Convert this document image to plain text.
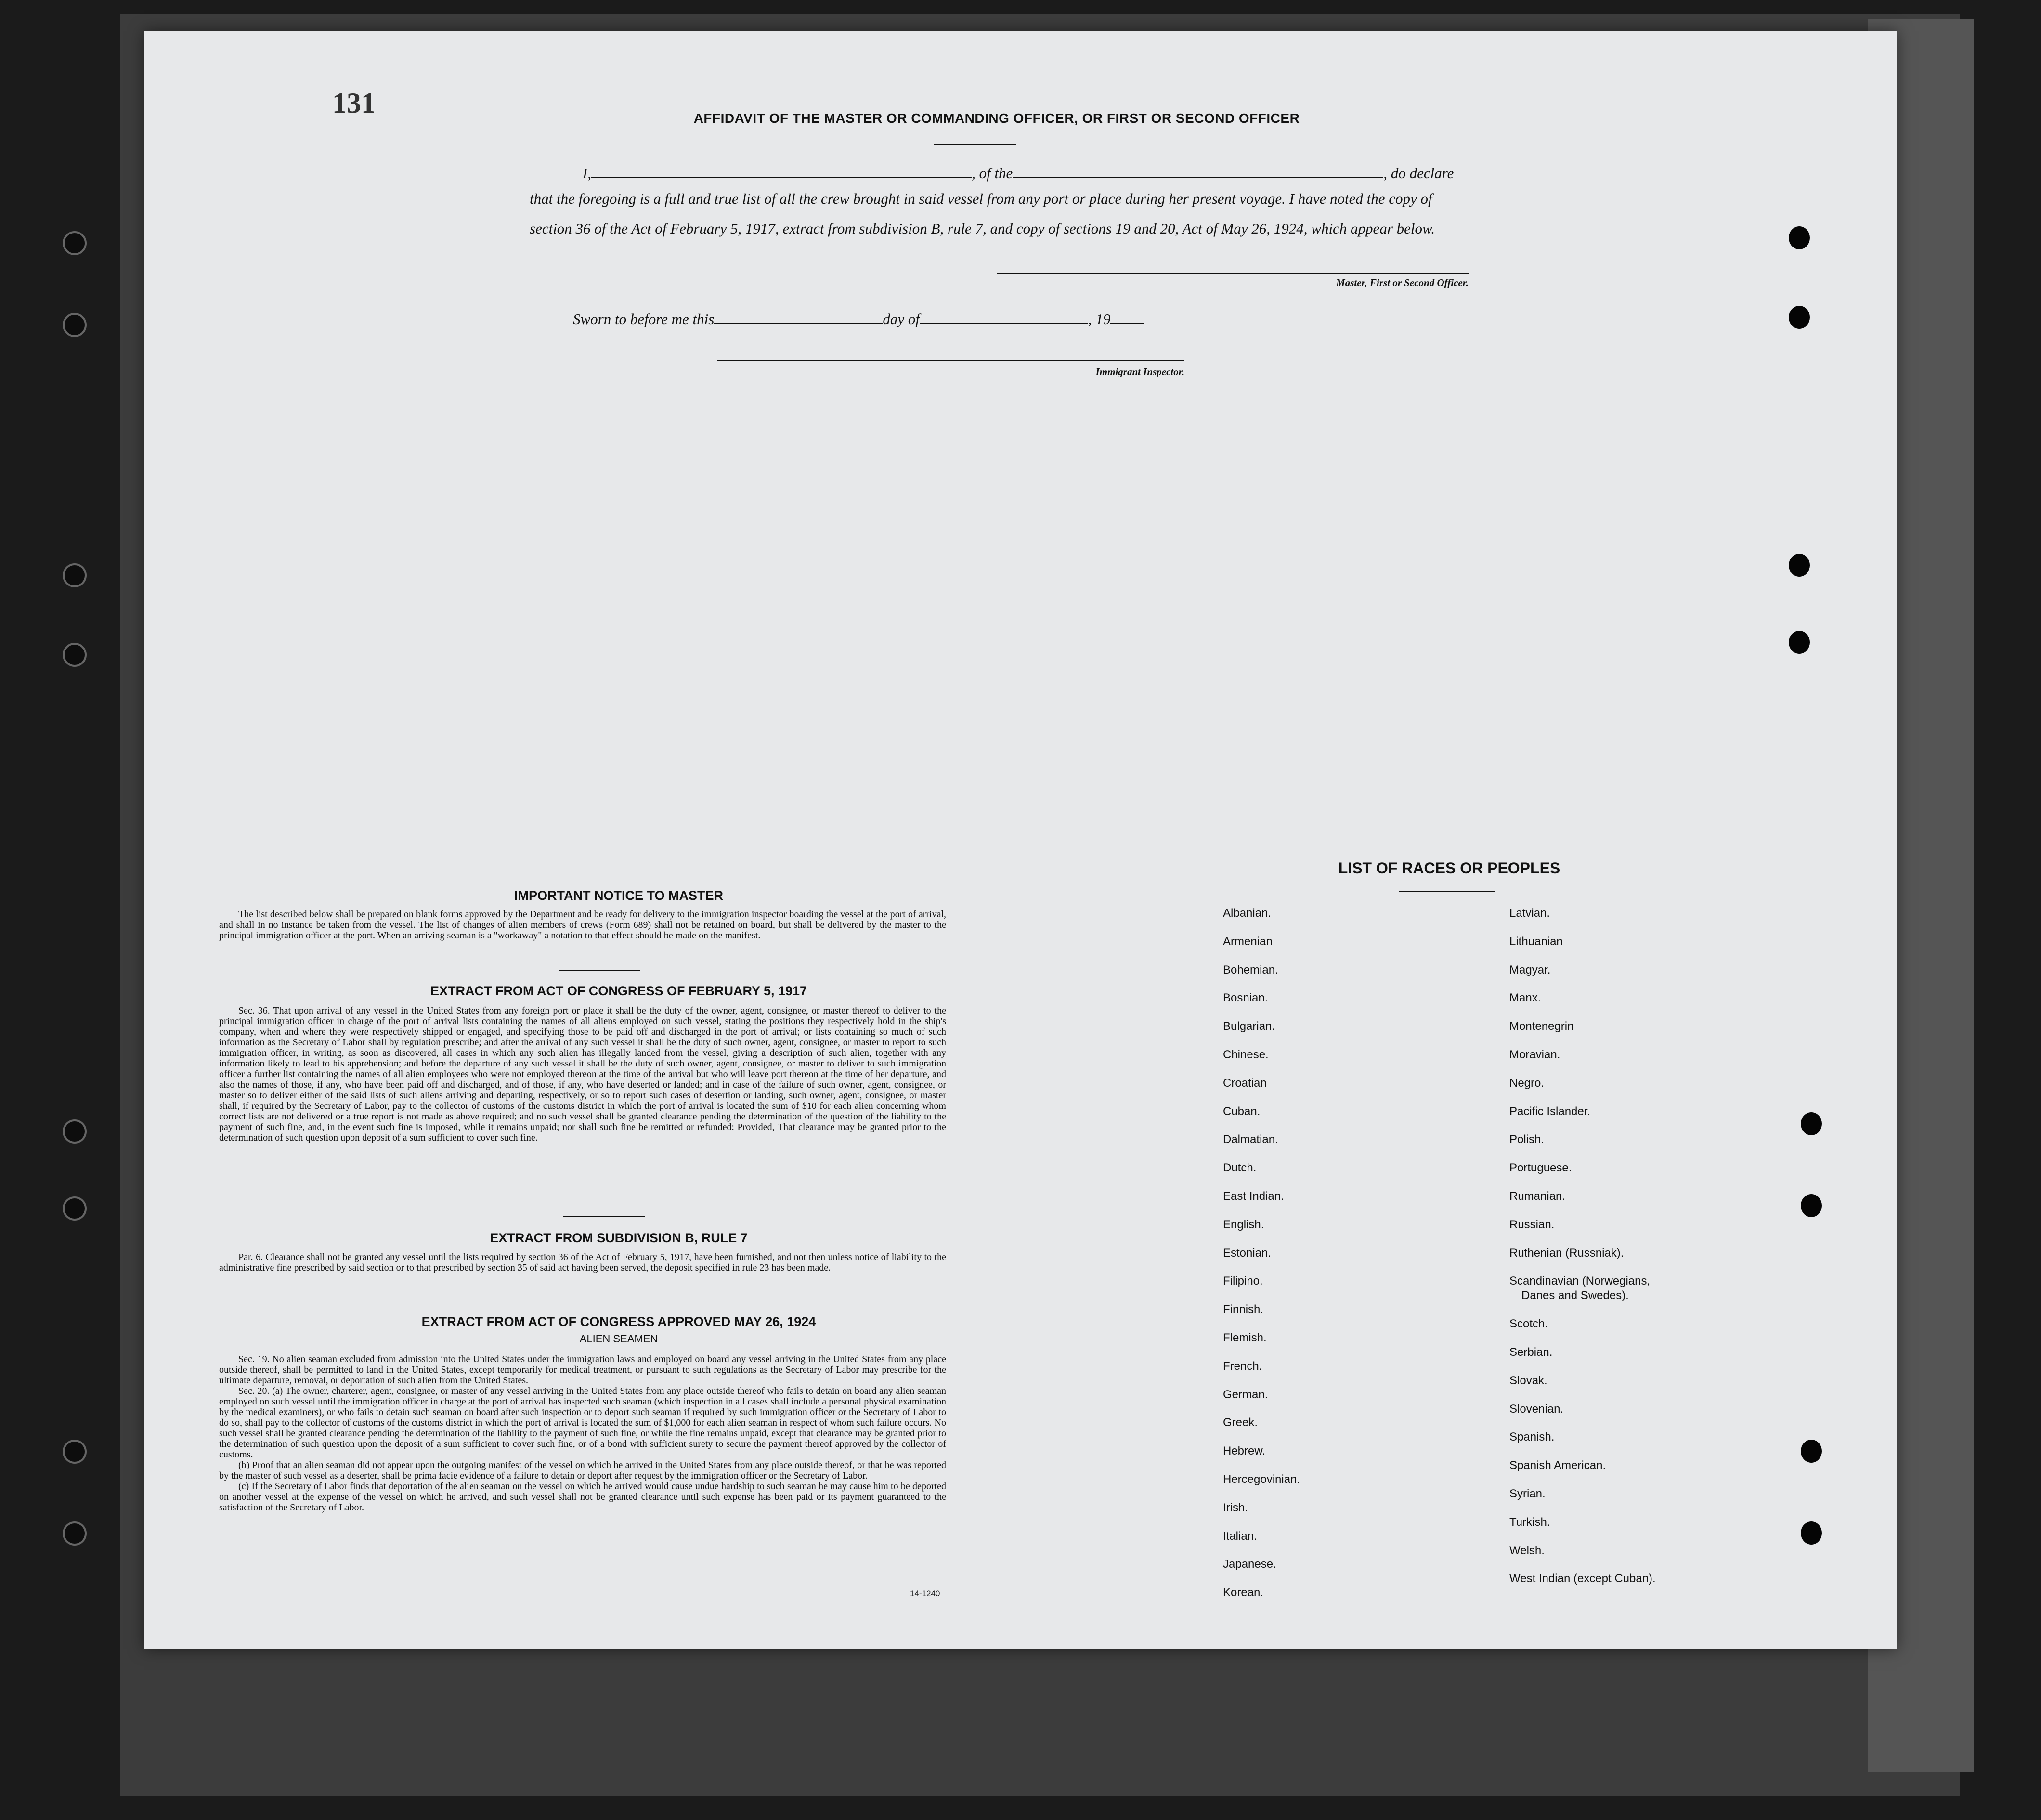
131	AFFIDAVIT OF THE MASTER OR COMMANDING OFFICER, OR FIRST OR SECOND OFFICER
I,	, of the	, do declare
that the foregoing is a full and true list of all the crew brought in said vessel from any port or place during her present voyage. I have noted the copy of section 36 of the Act of February 5, 1917, extract from subdivision B, rule 7, and copy of sections 19 and 20, Act of May 26, 1924, which appear below.
Master, First or Second Officer.
Sworn to before me this	day of	, 19
Immigrant Inspector.
IMPORTANT NOTICE TO MASTER

The list described below shall be prepared on blank forms approved by the Department and be ready for delivery to the immigration inspector boarding the vessel at the port of arrival, and shall in no instance be taken from the vessel. The list of changes of alien members of crews (Form 689) shall not be retained on board, but shall be delivered by the master to the principal immigration officer at the port. When an arriving seaman is a "workaway" a notation to that effect should be made on the manifest.

EXTRACT FROM ACT OF CONGRESS OF FEBRUARY 5, 1917

Sec. 36. That upon arrival of any vessel in the United States from any foreign port or place it shall be the duty of the owner, agent, consignee, or master thereof to deliver to the principal immigration officer in charge of the port of arrival lists containing the names of all aliens employed on such vessel, stating the positions they respectively hold in the ship's company, when and where they were respectively shipped or engaged, and specifying those to be paid off and discharged in the port of arrival; or lists containing so much of such information as the Secretary of Labor shall by regulation prescribe; and after the arrival of any such vessel it shall be the duty of such owner, agent, consignee, or master to report to such immigration officer, in writing, as soon as discovered, all cases in which any such alien has illegally landed from the vessel, giving a description of such alien, together with any information likely to lead to his apprehension; and before the departure of any such vessel it shall be the duty of such owner, agent, consignee, or master to deliver to such immigration officer a further list containing the names of all alien employees who were not employed thereon at the time of the arrival but who will leave port thereon at the time of her departure, and also the names of those, if any, who have been paid off and discharged, and of those, if any, who have deserted or landed; and in case of the failure of such owner, agent, consignee, or master so to deliver either of the said lists of such aliens arriving and departing, respectively, or so to report such cases of desertion or landing, such owner, agent, consignee, or master shall, if required by the Secretary of Labor, pay to the collector of customs of the customs district in which the port of arrival is located the sum of $10 for each alien concerning whom correct lists are not delivered or a true report is not made as above required; and no such vessel shall be granted clearance pending the determination of the question of the liability to the payment of such fine, and, in the event such fine is imposed, while it remains unpaid; nor shall such fine be remitted or refunded: Provided, That clearance may be granted prior to the determination of such question upon deposit of a sum sufficient to cover such fine.

EXTRACT FROM SUBDIVISION B, RULE 7

Par. 6. Clearance shall not be granted any vessel until the lists required by section 36 of the Act of February 5, 1917, have been furnished, and not then unless notice of liability to the administrative fine prescribed by said section or to that prescribed by section 35 of said act having been served, the deposit specified in rule 23 has been made.

EXTRACT FROM ACT OF CONGRESS APPROVED MAY 26, 1924
ALIEN SEAMEN

Sec. 19. No alien seaman excluded from admission into the United States under the immigration laws and employed on board any vessel arriving in the United States from any place outside thereof, shall be permitted to land in the United States, except temporarily for medical treatment, or pursuant to such regulations as the Secretary of Labor may prescribe for the ultimate departure, removal, or deportation of such alien from the United States.

Sec. 20. (a) The owner, charterer, agent, consignee, or master of any vessel arriving in the United States from any place outside thereof who fails to detain on board any alien seaman employed on such vessel until the immigration officer in charge at the port of arrival has inspected such seaman (which inspection in all cases shall include a personal physical examination by the medical examiners), or who fails to detain such seaman on board after such inspection or to deport such seaman if required by such immigration officer or the Secretary of Labor to do so, shall pay to the collector of customs of the customs district in which the port of arrival is located the sum of $1,000 for each alien seaman in respect of whom such failure occurs. No such vessel shall be granted clearance pending the determination of the liability to the payment of such fine, or while the fine remains unpaid, except that clearance may be granted prior to the determination of such question upon the deposit of a sum sufficient to cover such fine, or of a bond with sufficient surety to secure the payment thereof approved by the collector of customs.

(b) Proof that an alien seaman did not appear upon the outgoing manifest of the vessel on which he arrived in the United States from any place outside thereof, or that he was reported by the master of such vessel as a deserter, shall be prima facie evidence of a failure to detain or deport after request by the immigration officer or the Secretary of Labor.

(c) If the Secretary of Labor finds that deportation of the alien seaman on the vessel on which he arrived would cause undue hardship to such seaman he may cause him to be deported on another vessel at the expense of the vessel on which he arrived, and such vessel shall not be granted clearance until such expense has been paid or its payment guaranteed to the satisfaction of the Secretary of Labor.

14-1240
LIST OF RACES OR PEOPLES
Albanian.
Armenian
Bohemian.
Bosnian.
Bulgarian.
Chinese.
Croatian
Cuban.
Dalmatian.
Dutch.
East Indian.
English.
Estonian.
Filipino.
Finnish.
Flemish.
French.
German.
Greek.
Hebrew.
Hercegovinian.
Irish.
Italian.
Japanese.
Korean.
Latvian.
Lithuanian
Magyar.
Manx.
Montenegrin
Moravian.
Negro.
Pacific Islander.
Polish.
Portuguese.
Rumanian.
Russian.
Ruthenian (Russniak).
Scandinavian (Norwegians,
Danes and Swedes).
Scotch.
Serbian.
Slovak.
Slovenian.
Spanish.
Spanish American.
Syrian.
Turkish.
Welsh.
West Indian (except Cuban).
